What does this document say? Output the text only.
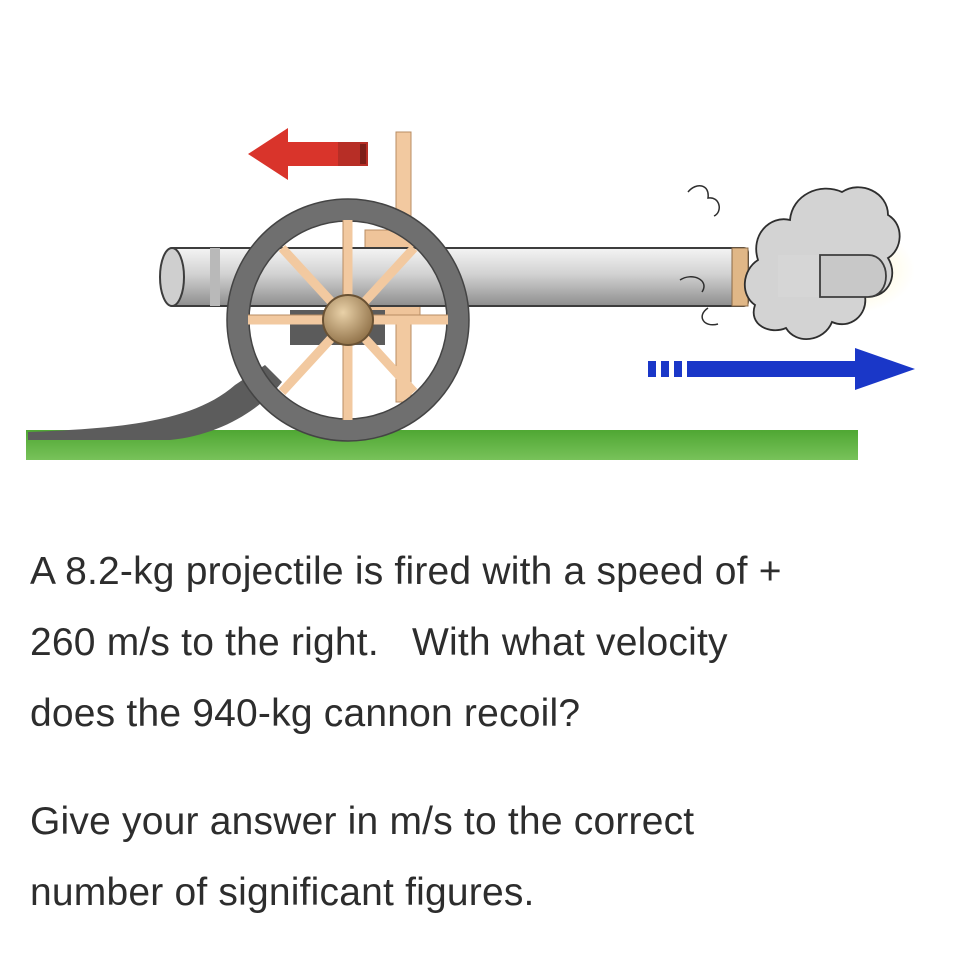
A 8.2-kg projectile is fired with a speed of +
260 m/s to the right.   With what velocity
does the 940-kg cannon recoil?

Give your answer in m/s to the correct
number of significant figures.
